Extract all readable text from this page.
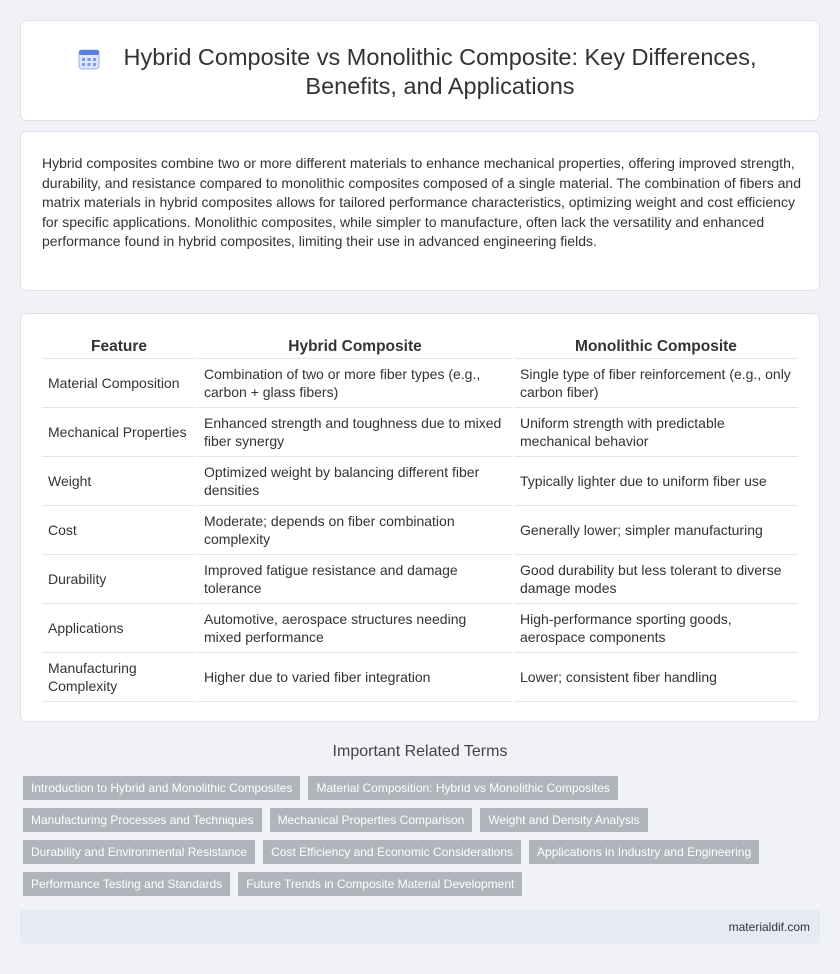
Hybrid Composite vs Monolithic Composite: Key Differences, Benefits, and Applications

Hybrid composites combine two or more different materials to enhance mechanical properties, offering improved strength, durability, and resistance compared to monolithic composites composed of a single material. The combination of fibers and matrix materials in hybrid composites allows for tailored performance characteristics, optimizing weight and cost efficiency for specific applications. Monolithic composites, while simpler to manufacture, often lack the versatility and enhanced performance found in hybrid composites, limiting their use in advanced engineering fields.

Feature	Hybrid Composite	Monolithic Composite
Material Composition	Combination of two or more fiber types (e.g., carbon + glass fibers)	Single type of fiber reinforcement (e.g., only carbon fiber)
Mechanical Properties	Enhanced strength and toughness due to mixed fiber synergy	Uniform strength with predictable mechanical behavior
Weight	Optimized weight by balancing different fiber densities	Typically lighter due to uniform fiber use
Cost	Moderate; depends on fiber combination complexity	Generally lower; simpler manufacturing
Durability	Improved fatigue resistance and damage tolerance	Good durability but less tolerant to diverse damage modes
Applications	Automotive, aerospace structures needing mixed performance	High-performance sporting goods, aerospace components
Manufacturing Complexity	Higher due to varied fiber integration	Lower; consistent fiber handling
Important Related Terms
Introduction to Hybrid and Monolithic Composites	Material Composition: Hybrid vs Monolithic Composites
Manufacturing Processes and Techniques	Mechanical Properties Comparison	Weight and Density Analysis
Durability and Environmental Resistance	Cost Efficiency and Economic Considerations	Applications in Industry and Engineering
Performance Testing and Standards	Future Trends in Composite Material Development
materialdif.com
